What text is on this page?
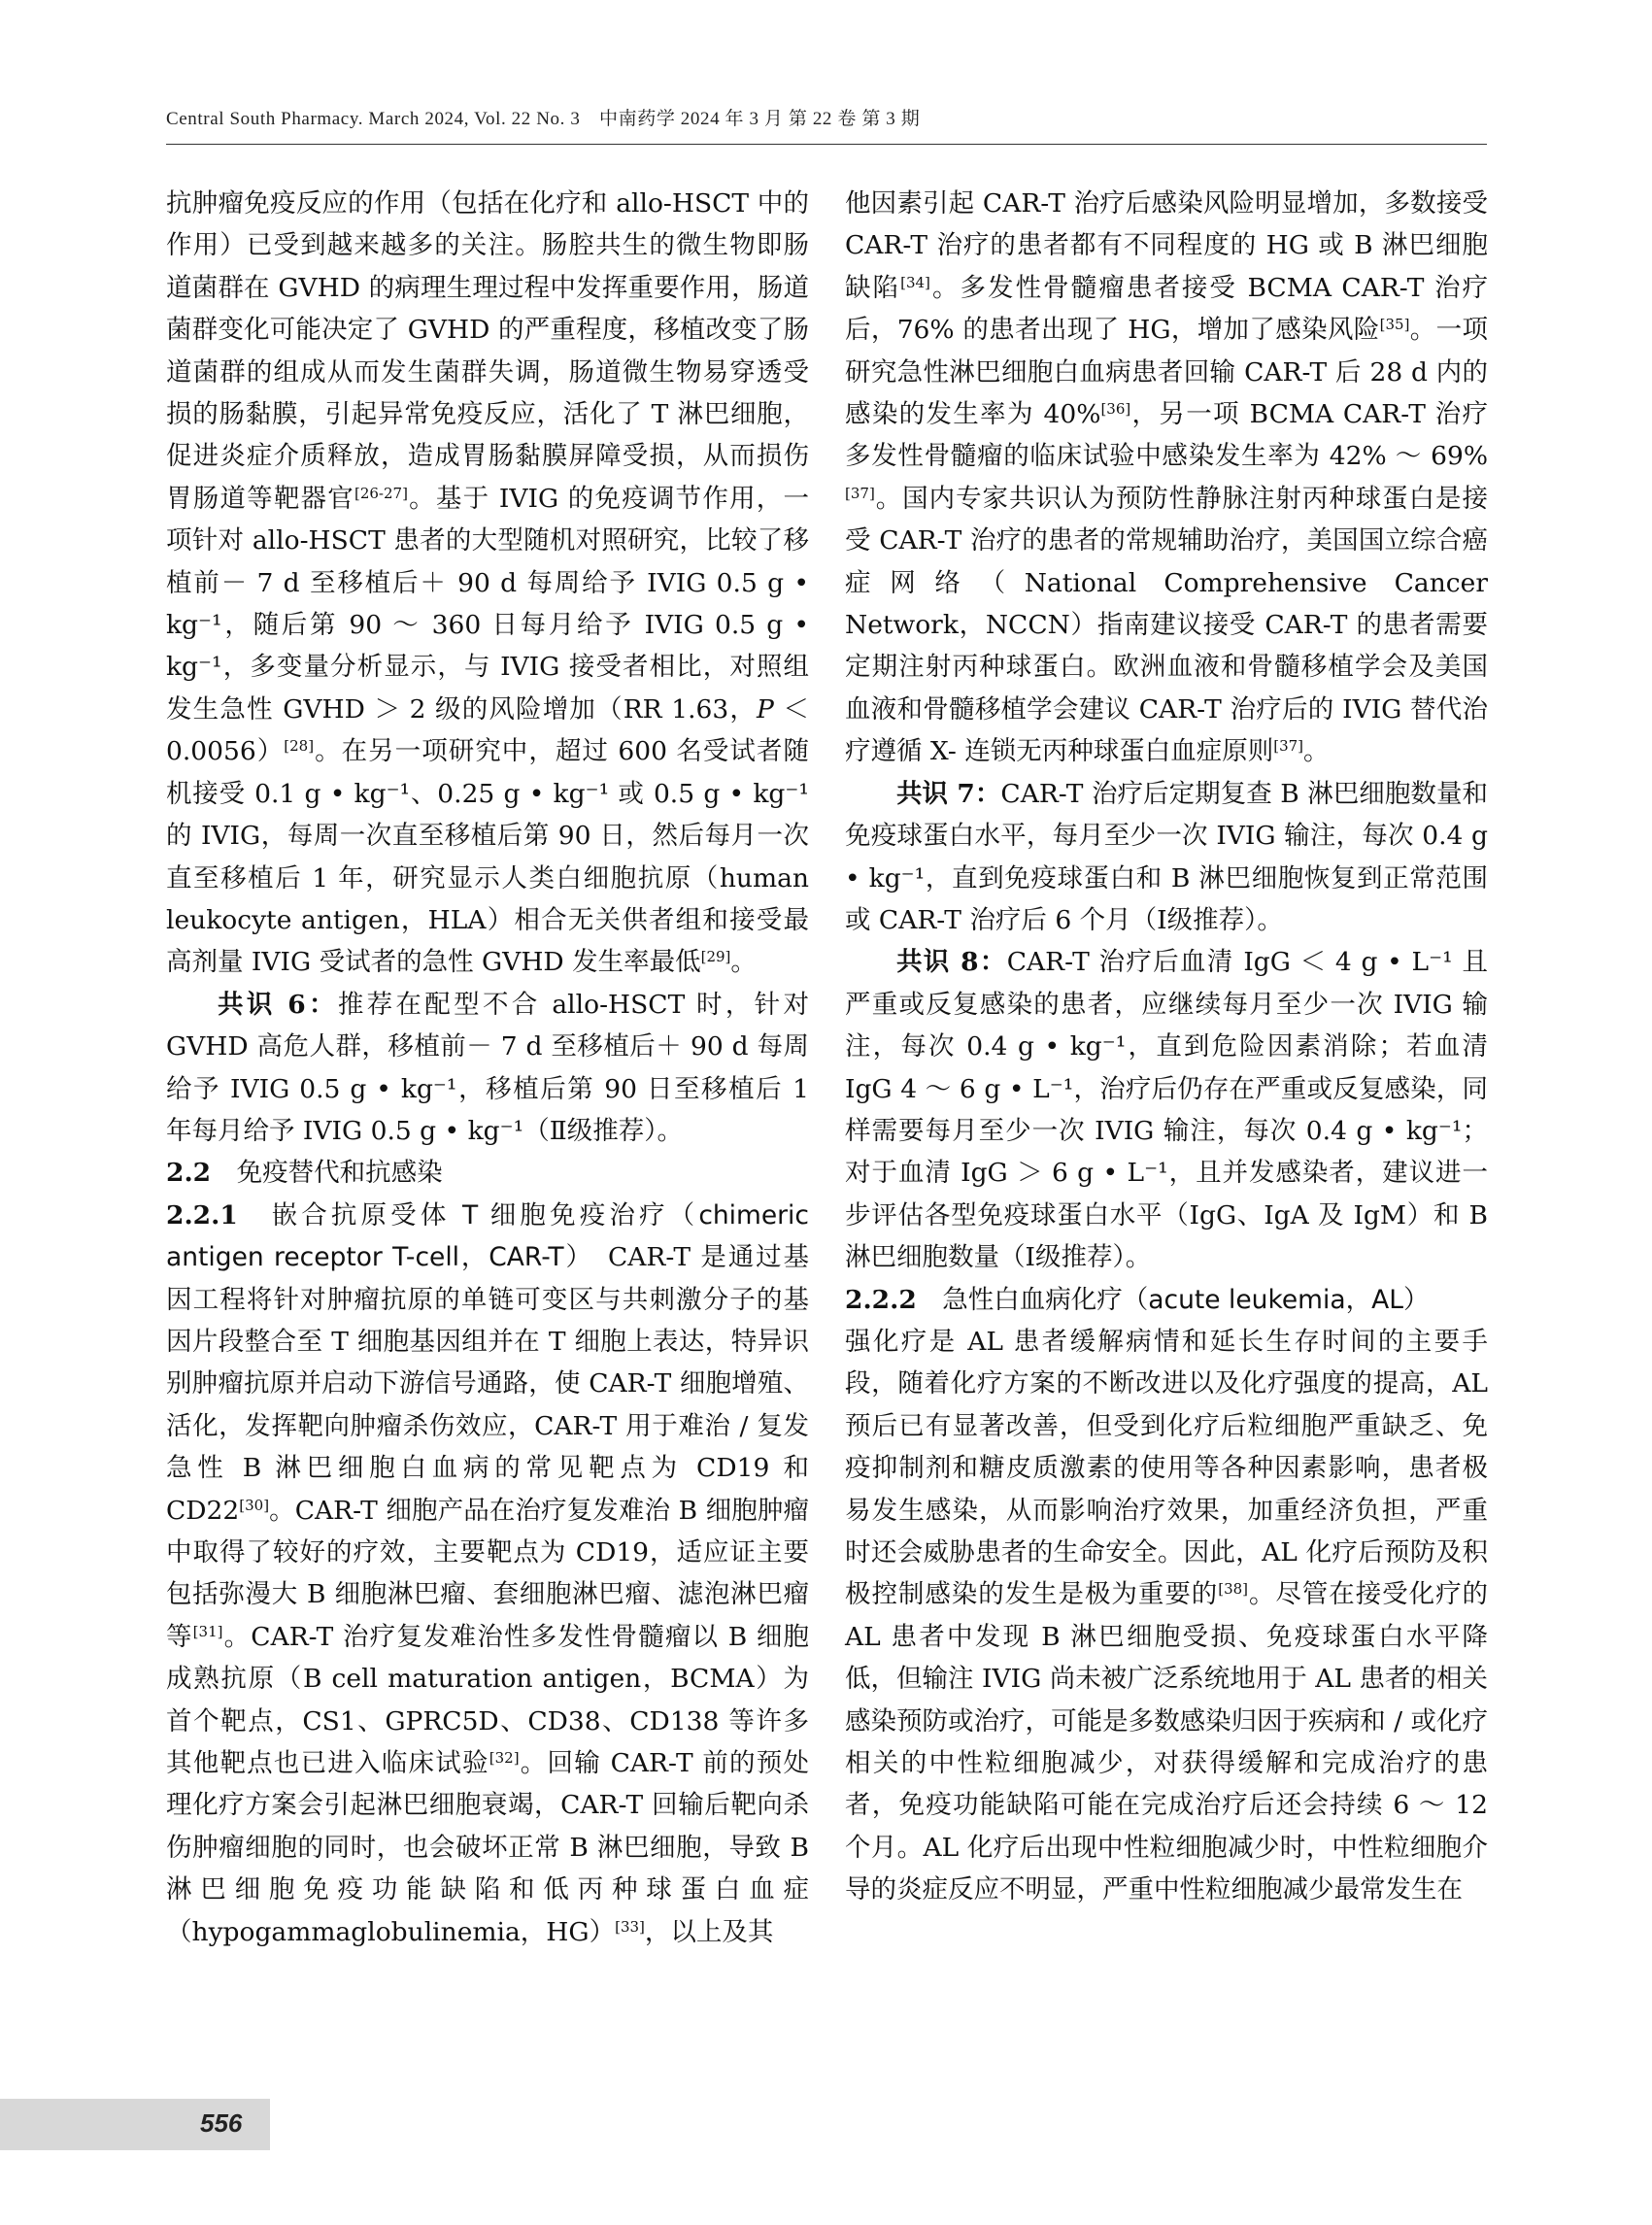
Central South Pharmacy. March 2024, Vol. 22 No. 3　中南药学 2024 年 3 月 第 22 卷 第 3 期

抗肿瘤免疫反应的作用（包括在化疗和 allo-HSCT 中的作用）已受到越来越多的关注。肠腔共生的微生物即肠道菌群在 GVHD 的病理生理过程中发挥重要作用，肠道菌群变化可能决定了 GVHD 的严重程度，移植改变了肠道菌群的组成从而发生菌群失调，肠道微生物易穿透受损的肠黏膜，引起异常免疫反应，活化了 T 淋巴细胞，促进炎症介质释放，造成胃肠黏膜屏障受损，从而损伤胃肠道等靶器官[26-27]。基于 IVIG 的免疫调节作用，一项针对 allo-HSCT 患者的大型随机对照研究，比较了移植前－ 7 d 至移植后＋ 90 d 每周给予 IVIG 0.5 g • kg⁻¹，随后第 90 ～ 360 日每月给予 IVIG 0.5 g • kg⁻¹，多变量分析显示，与 IVIG 接受者相比，对照组发生急性 GVHD ＞ 2 级的风险增加（RR 1.63，P ＜ 0.0056）[28]。在另一项研究中，超过 600 名受试者随机接受 0.1 g • kg⁻¹、0.25 g • kg⁻¹ 或 0.5 g • kg⁻¹ 的 IVIG，每周一次直至移植后第 90 日，然后每月一次直至移植后 1 年，研究显示人类白细胞抗原（human leukocyte antigen，HLA）相合无关供者组和接受最高剂量 IVIG 受试者的急性 GVHD 发生率最低[29]。

共识 6：推荐在配型不合 allo-HSCT 时，针对 GVHD 高危人群，移植前－ 7 d 至移植后＋ 90 d 每周给予 IVIG 0.5 g • kg⁻¹，移植后第 90 日至移植后 1 年每月给予 IVIG 0.5 g • kg⁻¹（Ⅱ级推荐）。

2.2　 免疫替代和抗感染

2.2.1　 嵌合抗原受体 T 细胞免疫治疗（chimeric antigen receptor T-cell，CAR-T）　CAR-T 是通过基因工程将针对肿瘤抗原的单链可变区与共刺激分子的基因片段整合至 T 细胞基因组并在 T 细胞上表达，特异识别肿瘤抗原并启动下游信号通路，使 CAR-T 细胞增殖、活化，发挥靶向肿瘤杀伤效应，CAR-T 用于难治 / 复发急性 B 淋巴细胞白血病的常见靶点为 CD19 和 CD22[30]。CAR-T 细胞产品在治疗复发难治 B 细胞肿瘤中取得了较好的疗效，主要靶点为 CD19，适应证主要包括弥漫大 B 细胞淋巴瘤、套细胞淋巴瘤、滤泡淋巴瘤等[31]。CAR-T 治疗复发难治性多发性骨髓瘤以 B 细胞成熟抗原（B cell maturation antigen，BCMA）为首个靶点，CS1、GPRC5D、CD38、CD138 等许多其他靶点也已进入临床试验[32]。回输 CAR-T 前的预处理化疗方案会引起淋巴细胞衰竭，CAR-T 回输后靶向杀伤肿瘤细胞的同时，也会破坏正常 B 淋巴细胞，导致 B 淋巴细胞免疫功能缺陷和低丙种球蛋白血症（hypogammaglobulinemia，HG）[33]，以上及其

他因素引起 CAR-T 治疗后感染风险明显增加，多数接受 CAR-T 治疗的患者都有不同程度的 HG 或 B 淋巴细胞缺陷[34]。多发性骨髓瘤患者接受 BCMA CAR-T 治疗后，76% 的患者出现了 HG，增加了感染风险[35]。一项研究急性淋巴细胞白血病患者回输 CAR-T 后 28 d 内的感染的发生率为 40%[36]，另一项 BCMA CAR-T 治疗多发性骨髓瘤的临床试验中感染发生率为 42% ～ 69%[37]。国内专家共识认为预防性静脉注射丙种球蛋白是接受 CAR-T 治疗的患者的常规辅助治疗，美国国立综合癌症网络（National Comprehensive Cancer Network，NCCN）指南建议接受 CAR-T 的患者需要定期注射丙种球蛋白。欧洲血液和骨髓移植学会及美国血液和骨髓移植学会建议 CAR-T 治疗后的 IVIG 替代治疗遵循 X- 连锁无丙种球蛋白血症原则[37]。

共识 7：CAR-T 治疗后定期复查 B 淋巴细胞数量和免疫球蛋白水平，每月至少一次 IVIG 输注，每次 0.4 g • kg⁻¹，直到免疫球蛋白和 B 淋巴细胞恢复到正常范围或 CAR-T 治疗后 6 个月（Ⅰ级推荐）。

共识 8：CAR-T 治疗后血清 IgG ＜ 4 g • L⁻¹ 且严重或反复感染的患者，应继续每月至少一次 IVIG 输注，每次 0.4 g • kg⁻¹，直到危险因素消除；若血清 IgG 4 ～ 6 g • L⁻¹，治疗后仍存在严重或反复感染，同样需要每月至少一次 IVIG 输注，每次 0.4 g • kg⁻¹；对于血清 IgG ＞ 6 g • L⁻¹，且并发感染者，建议进一步评估各型免疫球蛋白水平（IgG、IgA 及 IgM）和 B 淋巴细胞数量（Ⅰ级推荐）。

2.2.2　 急性白血病化疗（acute leukemia，AL）
强化疗是 AL 患者缓解病情和延长生存时间的主要手段，随着化疗方案的不断改进以及化疗强度的提高，AL 预后已有显著改善，但受到化疗后粒细胞严重缺乏、免疫抑制剂和糖皮质激素的使用等各种因素影响，患者极易发生感染，从而影响治疗效果，加重经济负担，严重时还会威胁患者的生命安全。因此，AL 化疗后预防及积极控制感染的发生是极为重要的[38]。尽管在接受化疗的 AL 患者中发现 B 淋巴细胞受损、免疫球蛋白水平降低，但输注 IVIG 尚未被广泛系统地用于 AL 患者的相关感染预防或治疗，可能是多数感染归因于疾病和 / 或化疗相关的中性粒细胞减少，对获得缓解和完成治疗的患者，免疫功能缺陷可能在完成治疗后还会持续 6 ～ 12 个月。AL 化疗后出现中性粒细胞减少时，中性粒细胞介导的炎症反应不明显，严重中性粒细胞减少最常发生在

556
